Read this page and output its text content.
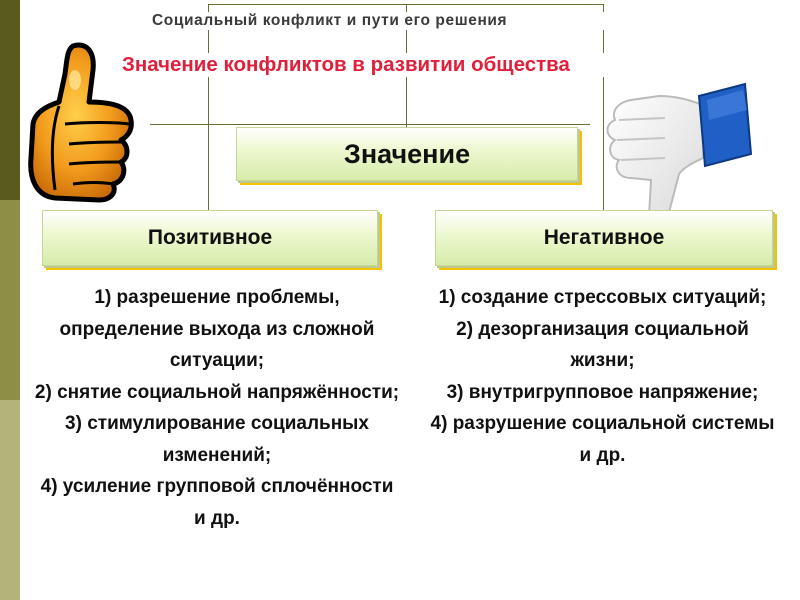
Социальный конфликт и пути его решения
Значение конфликтов в развитии общества
Значение
Позитивное	Негативное
1) разрешение проблемы, определение выхода из сложной ситуации;
2) снятие социальной напряжённости;
3) стимулирование социальных изменений;
4) усиление групповой сплочённости и др.
1) создание стрессовых ситуаций;
2) дезорганизация социальной жизни;
3) внутригрупповое напряжение;
4) разрушение социальной системы и др.
